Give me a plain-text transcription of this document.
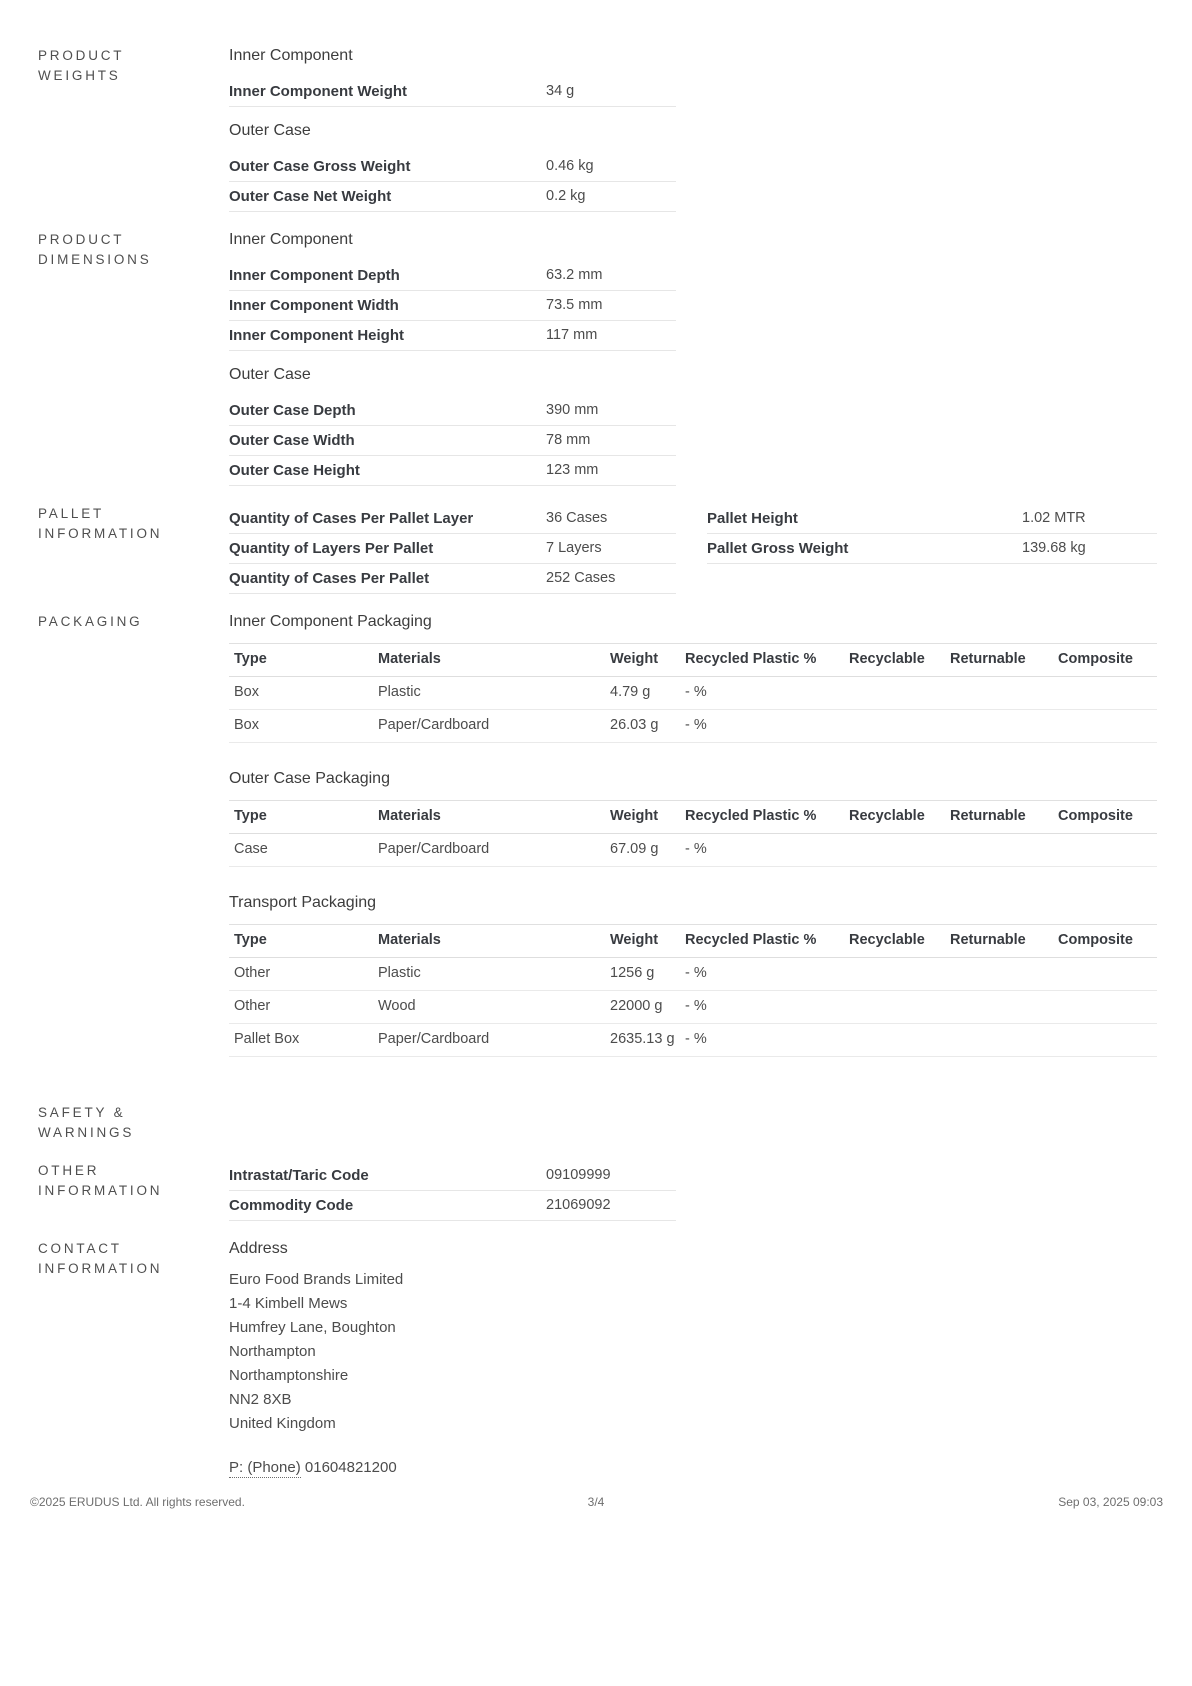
PRODUCT WEIGHTS
Inner Component
Inner Component Weight	34 g
Outer Case
Outer Case Gross Weight	0.46 kg
Outer Case Net Weight	0.2 kg
PRODUCT DIMENSIONS
Inner Component
Inner Component Depth	63.2 mm
Inner Component Width	73.5 mm
Inner Component Height	117 mm
Outer Case
Outer Case Depth	390 mm
Outer Case Width	78 mm
Outer Case Height	123 mm
PALLET INFORMATION
Quantity of Cases Per Pallet Layer	36 Cases
Quantity of Layers Per Pallet	7 Layers
Quantity of Cases Per Pallet	252 Cases
Pallet Height	1.02 MTR
Pallet Gross Weight	139.68 kg
PACKAGING	Inner Component Packaging
Type	Materials	Weight	Recycled Plastic %	Recyclable	Returnable	Composite
Box	Plastic	4.79 g	- %			
Box	Paper/Cardboard	26.03 g	- %			
Outer Case Packaging
Type	Materials	Weight	Recycled Plastic %	Recyclable	Returnable	Composite
Case	Paper/Cardboard	67.09 g	- %			
Transport Packaging
Type	Materials	Weight	Recycled Plastic %	Recyclable	Returnable	Composite
Other	Plastic	1256 g	- %			
Other	Wood	22000 g	- %			
Pallet Box	Paper/Cardboard	2635.13 g	- %			
SAFETY & WARNINGS
OTHER INFORMATION
Intrastat/Taric Code	09109999
Commodity Code	21069092
CONTACT INFORMATION
Address
Euro Food Brands Limited
1-4 Kimbell Mews
Humfrey Lane, Boughton
Northampton
Northamptonshire
NN2 8XB
United Kingdom
P: (Phone) 01604821200
3/4
©2025 ERUDUS Ltd. All rights reserved.	Sep 03, 2025 09:03
